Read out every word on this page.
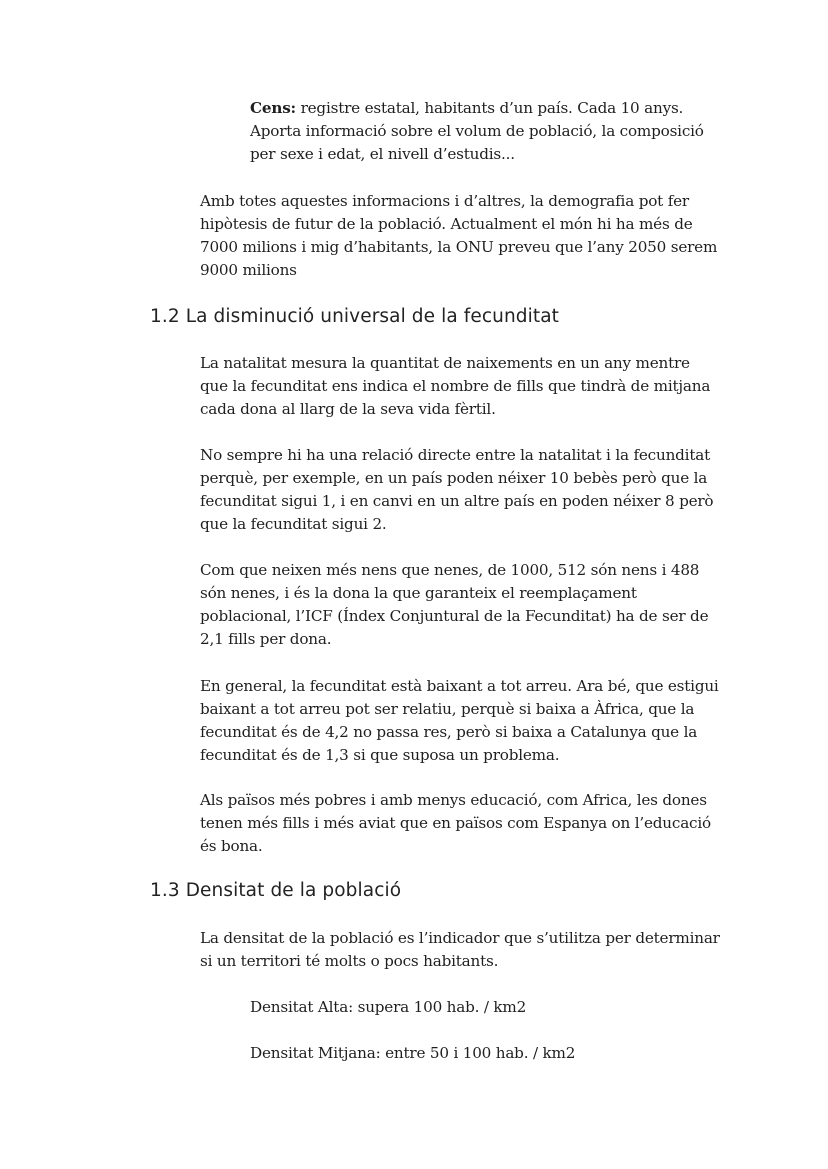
Cens: registre estatal, habitants d’un país. Cada 10 anys.
Aporta informació sobre el volum de població, la composició
per sexe i edat, el nivell d’estudis...
Amb totes aquestes informacions i d’altres, la demografia pot fer
hipòtesis de futur de la població. Actualment el món hi ha més de
7000 milions i mig d’habitants, la ONU preveu que l’any 2050 serem
9000 milions
1.2 La disminució universal de la fecunditat
La natalitat mesura la quantitat de naixements en un any mentre
que la fecunditat ens indica el nombre de fills que tindrà de mitjana
cada dona al llarg de la seva vida fèrtil.
No sempre hi ha una relació directe entre la natalitat i la fecunditat
perquè, per exemple, en un país poden néixer 10 bebès però que la
fecunditat sigui 1, i en canvi en un altre país en poden néixer 8 però
que la fecunditat sigui 2.
Com que neixen més nens que nenes, de 1000, 512 són nens i 488
són nenes, i és la dona la que garanteix el reemplaçament
poblacional, l’ICF (Índex Conjuntural de la Fecunditat) ha de ser de
2,1 fills per dona.
En general, la fecunditat està baixant a tot arreu. Ara bé, que estigui
baixant a tot arreu pot ser relatiu, perquè si baixa a Àfrica, que la
fecunditat és de 4,2 no passa res, però si baixa a Catalunya que la
fecunditat és de 1,3 si que suposa un problema.
Als països més pobres i amb menys educació, com Africa, les dones
tenen més fills i més aviat que en països com Espanya on l’educació
és bona.
1.3 Densitat de la població
La densitat de la població es l’indicador que s’utilitza per determinar
si un territori té molts o pocs habitants.
Densitat Alta: supera 100 hab. / km2
Densitat Mitjana: entre 50 i 100 hab. / km2
